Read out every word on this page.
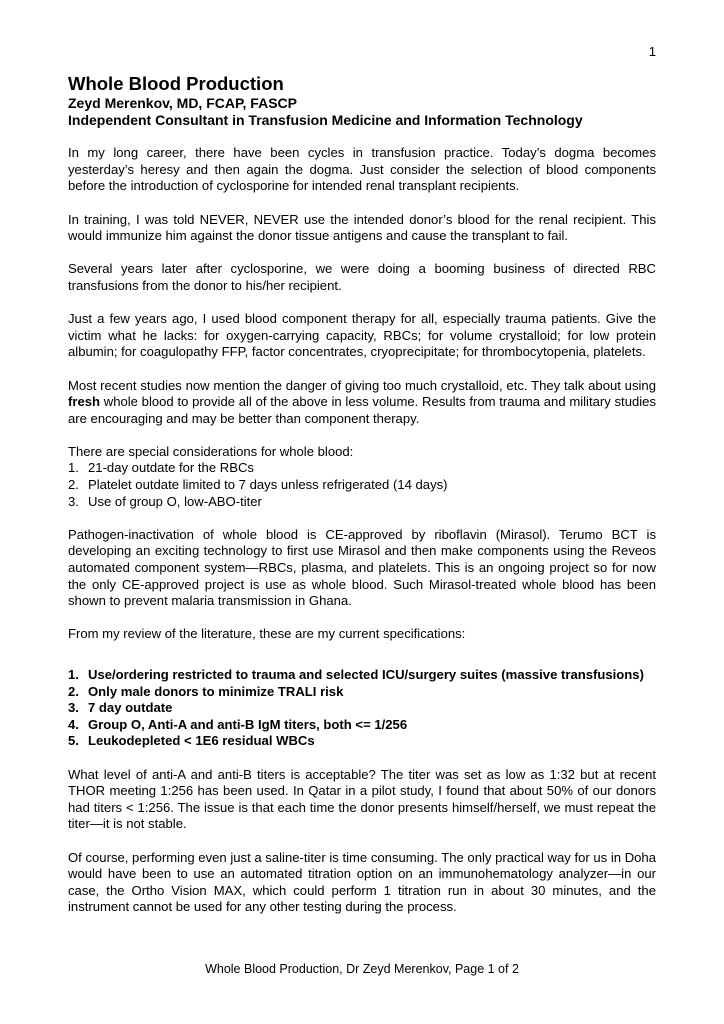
1
Whole Blood Production
Zeyd Merenkov, MD, FCAP, FASCP
Independent Consultant in Transfusion Medicine and Information Technology

In my long career, there have been cycles in transfusion practice. Today’s dogma becomes yesterday’s heresy and then again the dogma. Just consider the selection of blood components before the introduction of cyclosporine for intended renal transplant recipients.

In training, I was told NEVER, NEVER use the intended donor’s blood for the renal recipient. This would immunize him against the donor tissue antigens and cause the transplant to fail.

Several years later after cyclosporine, we were doing a booming business of directed RBC transfusions from the donor to his/her recipient.

Just a few years ago, I used blood component therapy for all, especially trauma patients. Give the victim what he lacks: for oxygen-carrying capacity, RBCs; for volume crystalloid; for low protein albumin; for coagulopathy FFP, factor concentrates, cryoprecipitate; for thrombocytopenia, platelets.

Most recent studies now mention the danger of giving too much crystalloid, etc. They talk about using fresh whole blood to provide all of the above in less volume. Results from trauma and military studies are encouraging and may be better than component therapy.

There are special considerations for whole blood:

1. 21-day outdate for the RBCs
2. Platelet outdate limited to 7 days unless refrigerated (14 days)
3. Use of group O, low-ABO-titer

Pathogen-inactivation of whole blood is CE-approved by riboflavin (Mirasol). Terumo BCT is developing an exciting technology to first use Mirasol and then make components using the Reveos automated component system—RBCs, plasma, and platelets. This is an ongoing project so for now the only CE-approved project is use as whole blood. Such Mirasol-treated whole blood has been shown to prevent malaria transmission in Ghana.

From my review of the literature, these are my current specifications:

1. Use/ordering restricted to trauma and selected ICU/surgery suites (massive transfusions)
2. Only male donors to minimize TRALI risk
3. 7 day outdate
4. Group O, Anti-A and anti-B IgM titers, both <= 1/256
5. Leukodepleted < 1E6 residual WBCs

What level of anti-A and anti-B titers is acceptable? The titer was set as low as 1:32 but at recent THOR meeting 1:256 has been used. In Qatar in a pilot study, I found that about 50% of our donors had titers < 1:256. The issue is that each time the donor presents himself/herself, we must repeat the titer—it is not stable.

Of course, performing even just a saline-titer is time consuming. The only practical way for us in Doha would have been to use an automated titration option on an immunohematology analyzer—in our case, the Ortho Vision MAX, which could perform 1 titration run in about 30 minutes, and the instrument cannot be used for any other testing during the process.

Whole Blood Production, Dr Zeyd Merenkov, Page 1 of 2
